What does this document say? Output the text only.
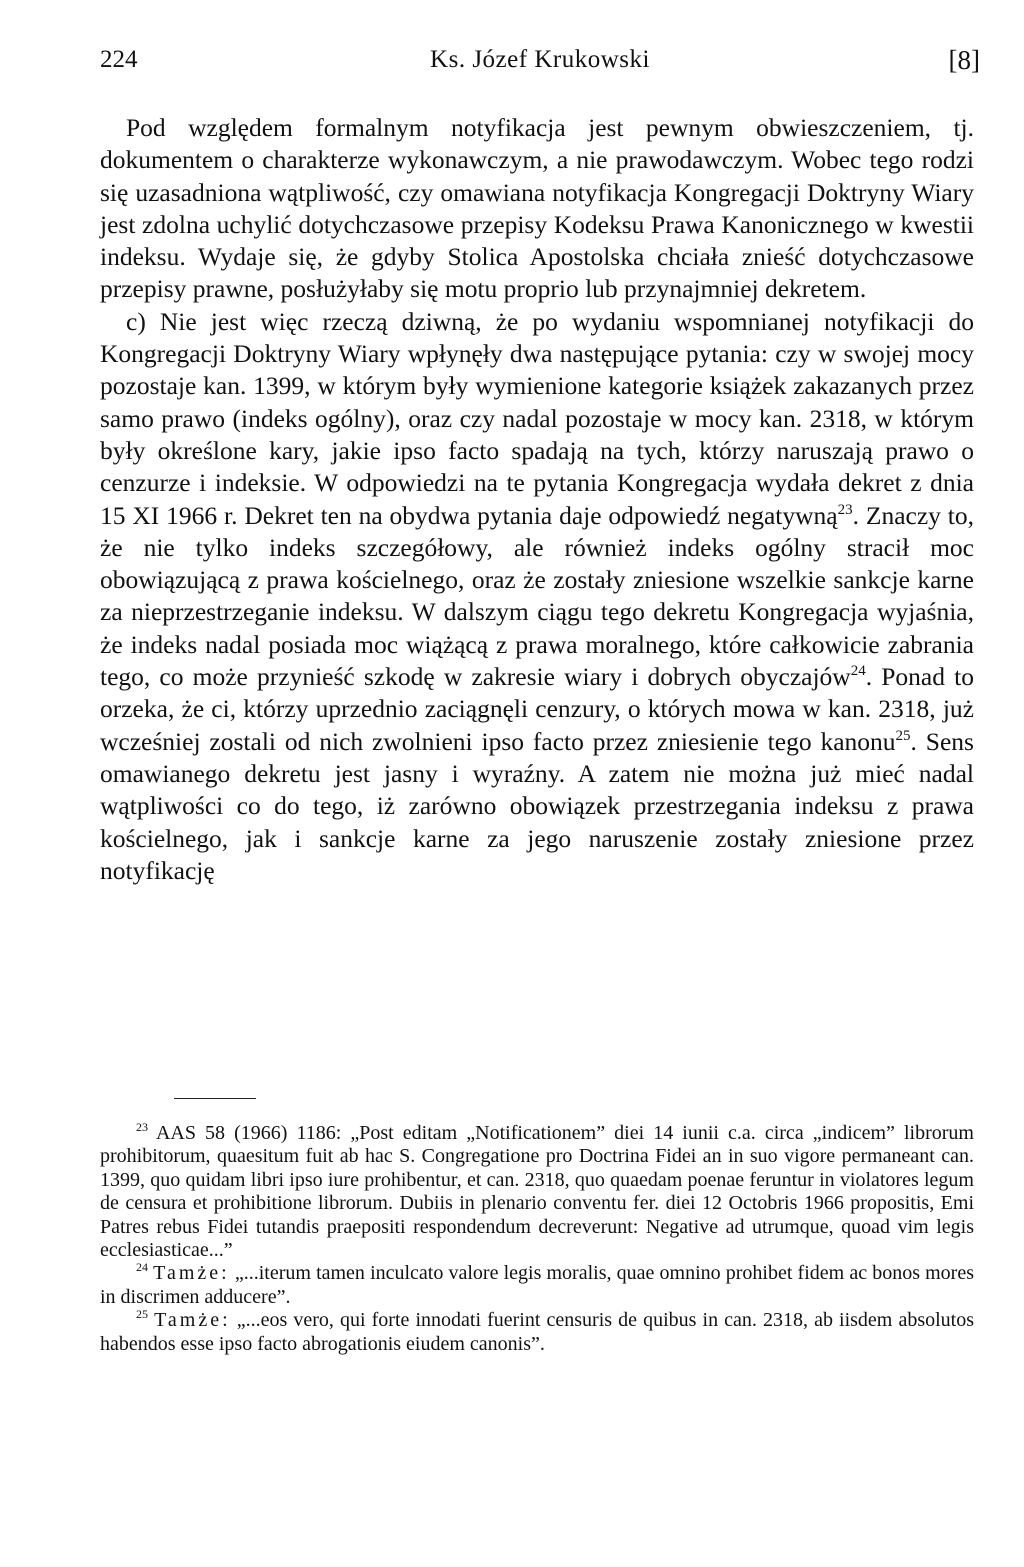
224	Ks. Józef Krukowski	[8]

Pod względem formalnym notyfikacja jest pewnym obwieszczeniem, tj. dokumentem o charakterze wykonawczym, a nie prawodawczym. Wobec tego rodzi się uzasadniona wątpliwość, czy omawiana notyfikacja Kongregacji Doktryny Wiary jest zdolna uchylić dotychczasowe przepisy Kodeksu Prawa Kanonicznego w kwestii indeksu. Wydaje się, że gdyby Stolica Apostolska chciała znieść dotychczasowe przepisy prawne, posłużyłaby się motu proprio lub przynajmniej dekretem.

c) Nie jest więc rzeczą dziwną, że po wydaniu wspomnianej notyfikacji do Kongregacji Doktryny Wiary wpłynęły dwa następujące pytania: czy w swojej mocy pozostaje kan. 1399, w którym były wymienione kategorie książek zakazanych przez samo prawo (indeks ogólny), oraz czy nadal pozostaje w mocy kan. 2318, w którym były określone kary, jakie ipso facto spadają na tych, którzy naruszają prawo o cenzurze i indeksie. W odpowiedzi na te pytania Kongregacja wydała dekret z dnia 15 XI 1966 r. Dekret ten na obydwa pytania daje odpowiedź negatywną$^{23}$. Znaczy to, że nie tylko indeks szczegółowy, ale również indeks ogólny stracił moc obowiązującą z prawa kościelnego, oraz że zostały zniesione wszelkie sankcje karne za nieprzestrzeganie indeksu. W dalszym ciągu tego dekretu Kongregacja wyjaśnia, że indeks nadal posiada moc wiążącą z prawa moralnego, które całkowicie zabrania tego, co może przynieść szkodę w zakresie wiary i dobrych obyczajów$^{24}$. Ponad to orzeka, że ci, którzy uprzednio zaciągnęli cenzury, o których mowa w kan. 2318, już wcześniej zostali od nich zwolnieni ipso facto przez zniesienie tego kanonu$^{25}$. Sens omawianego dekretu jest jasny i wyraźny. A zatem nie można już mieć nadal wątpliwości co do tego, iż zarówno obowiązek przestrzegania indeksu z prawa kościelnego, jak i sankcje karne za jego naruszenie zostały zniesione przez notyfikację

$^{23}$ AAS 58 (1966) 1186: „Post editam „Notificationem” diei 14 iunii c.a. circa „indicem” librorum prohibitorum, quaesitum fuit ab hac S. Congregatione pro Doctrina Fidei an in suo vigore permaneant can. 1399, quo quidam libri ipso iure prohibentur, et can. 2318, quo quaedam poenae feruntur in violatores legum de censura et prohibitione librorum. Dubiis in plenario conventu fer. diei 12 Octobris 1966 propositis, Emi Patres rebus Fidei tutandis praepositi respondendum decreverunt: Negative ad utrumque, quoad vim legis ecclesiasticae...”

$^{24}$ Tamże: „...iterum tamen inculcato valore legis moralis, quae omnino prohibet fidem ac bonos mores in discrimen adducere”.

$^{25}$ Tamże: „...eos vero, qui forte innodati fuerint censuris de quibus in can. 2318, ab iisdem absolutos habendos esse ipso facto abrogationis eiudem canonis”.
